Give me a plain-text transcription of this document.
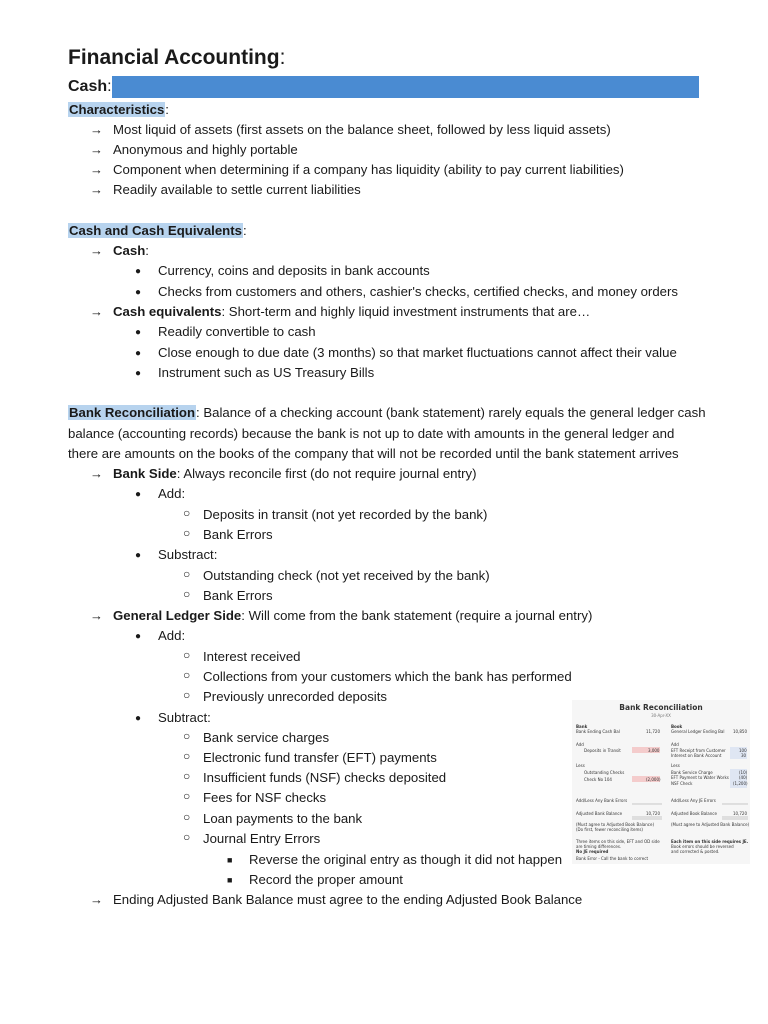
Financial Accounting:
Cash:
Characteristics:
→ Most liquid of assets (first assets on the balance sheet, followed by less liquid assets)
→ Anonymous and highly portable
→ Component when determining if a company has liquidity (ability to pay current liabilities)
→ Readily available to settle current liabilities
Cash and Cash Equivalents:
→ Cash:
● Currency, coins and deposits in bank accounts
● Checks from customers and others, cashier's checks, certified checks, and money orders
→ Cash equivalents: Short-term and highly liquid investment instruments that are…
● Readily convertible to cash
● Close enough to due date (3 months) so that market fluctuations cannot affect their value
● Instrument such as US Treasury Bills
Bank Reconciliation: Balance of a checking account (bank statement) rarely equals the general ledger cash
balance (accounting records) because the bank is not up to date with amounts in the general ledger and
there are amounts on the books of the company that will not be recorded until the bank statement arrives
→ Bank Side: Always reconcile first (do not require journal entry)
● Add:
○ Deposits in transit (not yet recorded by the bank)
○ Bank Errors
● Substract:
○ Outstanding check (not yet received by the bank)
○ Bank Errors
→ General Ledger Side: Will come from the bank statement (require a journal entry)
● Add:
○ Interest received
○ Collections from your customers which the bank has performed
○ Previously unrecorded deposits
● Subtract:
○ Bank service charges
○ Electronic fund transfer (EFT) payments
○ Insufficient funds (NSF) checks deposited
○ Fees for NSF checks
○ Loan payments to the bank
○ Journal Entry Errors
■ Reverse the original entry as though it did not happen
■ Record the proper amount
→ Ending Adjusted Bank Balance must agree to the ending Adjusted Book Balance
Bank Reconciliation
30-Apr-XX
Bank
Bank Ending Cash Bal	11,720
Add
Deposits in Transit	3,000
Less
Outstanding Checks
Check No 104	(2,000)
Add/Less Any Bank Errors
Adjusted Bank Balance	10,720
(Must agree to Adjusted Book Balance)
(Do first, fewer reconciling items)
Three items on this side, EFT and OD side
are timing differences.
No JE required
Bank Error - Call the bank to correct
Book
General Ledger Ending Bal 10,850
Add
EFT Receipt from Customer	100
Interest on Bank Account	30
Less
Bank Service Charge	(10)
EFT Payment to Water Works	(40)
NSF Check	(1,200)
Add/Less Any JE Errors
Adjusted Book Balance	10,720
(Must agree to Adjusted Bank Balance)
Each item on this side requires JE.
Book errors should be reversed
and corrected & posted.
